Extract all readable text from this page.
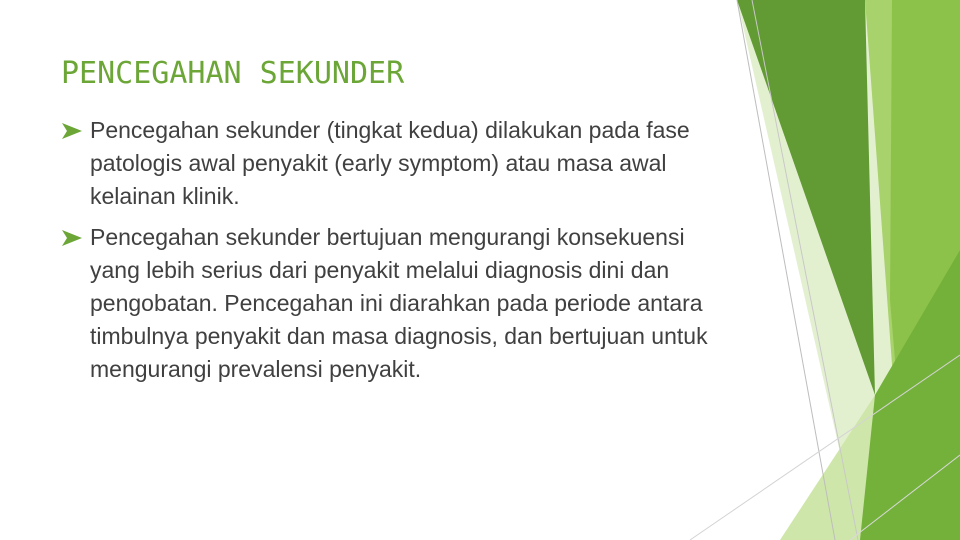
PENCEGAHAN SEKUNDER
Pencegahan sekunder (tingkat kedua) dilakukan pada fase patologis awal penyakit (early symptom) atau masa awal kelainan klinik.
Pencegahan sekunder bertujuan mengurangi konsekuensi yang lebih serius dari penyakit melalui diagnosis dini dan pengobatan. Pencegahan ini diarahkan pada periode antara timbulnya penyakit dan masa diagnosis, dan bertujuan untuk mengurangi prevalensi penyakit.
